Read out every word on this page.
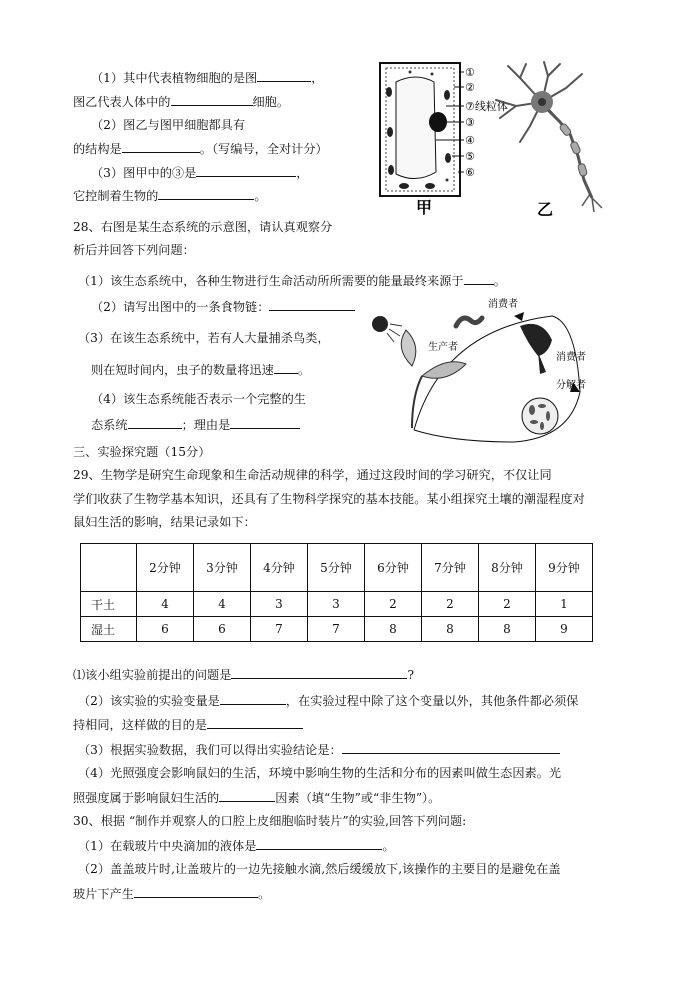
（1）其中代表植物细胞的是图	，
图乙代表人体中的	细胞。
（2）图乙与图甲细胞都具有
的结构是	。（写编号，全对计分）
（3）图甲中的③是	，
它控制着生物的	。
①
②
⑦线粒体
③
④
⑤
⑥
甲	乙
28、右图是某生态系统的示意图，请认真观察分
析后并回答下列问题：
（1）该生态系统中，各种生物进行生命活动所所需要的能量最终来源于 。
（2）请写出图中的一条食物链：
（3）在该生态系统中，若有人大量捕杀鸟类，
则在短时间内，虫子的数量将迅速 。
（4）该生态系统能否表示一个完整的生
态系统	；理由是
生产者
消费者
消费者
分解者
三、实验探究题（15分）
29、生物学是研究生命现象和生命活动规律的科学，通过这段时间的学习研究，不仅让同
学们收获了生物学基本知识，还具有了生物科学探究的基本技能。某小组探究土壤的潮湿程度对
鼠妇生活的影响，结果记录如下：
	2分钟	3分钟	4分钟	5分钟	6分钟	7分钟	8分钟	9分钟
干土	4	4	3	3	2	2	2	1
湿土	6	6	7	7	8	8	8	9
⑴该小组实验前提出的问题是	?
（2）该实验的实验变量是	，在实验过程中除了这个变量以外，其他条件都必须保
持相同，这样做的目的是
（3）根据实验数据，我们可以得出实验结论是：
（4）光照强度会影响鼠妇的生活，环境中影响生物的生活和分布的因素叫做生态因素。光
照强度属于影响鼠妇生活的	因素（填“生物”或“非生物”）。
30、根据 “制作并观察人的口腔上皮细胞临时装片”的实验,回答下列问题:
（1）在载玻片中央滴加的液体是	。
（2）盖盖玻片时,让盖玻片的一边先接触水滴,然后缓缓放下,该操作的主要目的是避免在盖
玻片下产生	。
